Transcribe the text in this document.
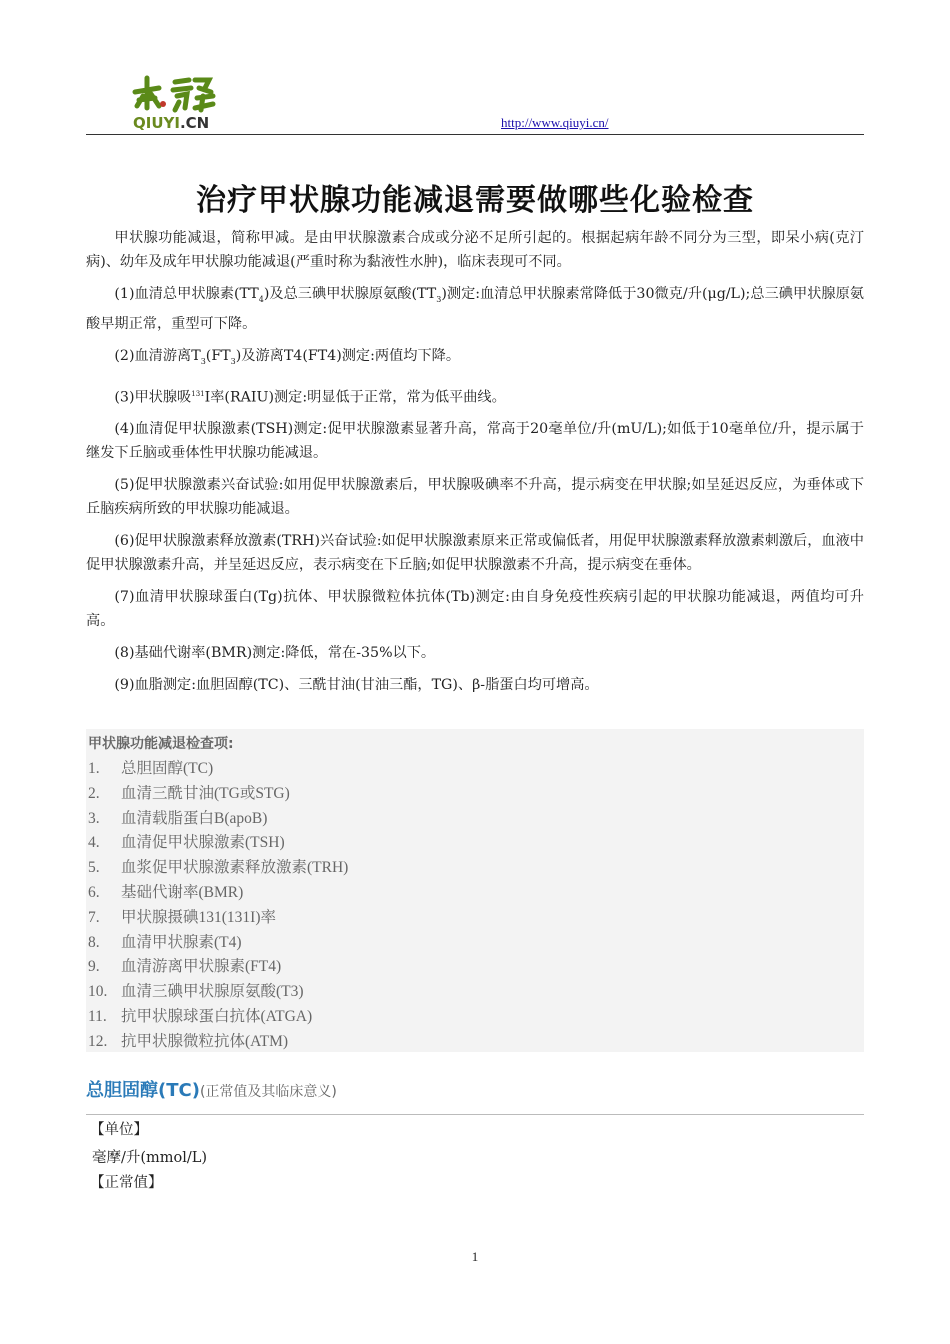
QIUYI.CN	http://www.qiuyi.cn/
治疗甲状腺功能减退需要做哪些化验检查

甲状腺功能减退，简称甲减。是由甲状腺激素合成或分泌不足所引起的。根据起病年龄不同分为三型，即呆小病(克汀病)、幼年及成年甲状腺功能减退(严重时称为黏液性水肿)，临床表现可不同。

(1)血清总甲状腺素$(TT_4)$及总三碘甲状腺原氨酸$(TT_3)$测定:血清总甲状腺素常降低于30微克/升(μg/L);总三碘甲状腺原氨酸早期正常，重型可下降。

(2)血清游离$T_3(FT_3)$及游离T4(FT4)测定:两值均下降。

(3)甲状腺吸$^{131}$I率(RAIU)测定:明显低于正常，常为低平曲线。

(4)血清促甲状腺激素(TSH)测定:促甲状腺激素显著升高，常高于20毫单位/升(mU/L);如低于10毫单位/升，提示属于继发下丘脑或垂体性甲状腺功能减退。

(5)促甲状腺激素兴奋试验:如用促甲状腺激素后，甲状腺吸碘率不升高，提示病变在甲状腺;如呈延迟反应，为垂体或下丘脑疾病所致的甲状腺功能减退。

(6)促甲状腺激素释放激素(TRH)兴奋试验:如促甲状腺激素原来正常或偏低者，用促甲状腺激素释放激素刺激后，血液中促甲状腺激素升高，并呈延迟反应，表示病变在下丘脑;如促甲状腺激素不升高，提示病变在垂体。

(7)血清甲状腺球蛋白(Tg)抗体、甲状腺微粒体抗体(Tb)测定:由自身免疫性疾病引起的甲状腺功能减退，两值均可升高。

(8)基础代谢率(BMR)测定:降低，常在-35%以下。

(9)血脂测定:血胆固醇(TC)、三酰甘油(甘油三酯，TG)、β-脂蛋白均可增高。

甲状腺功能减退检查项:
1. 总胆固醇(TC)
2. 血清三酰甘油(TG或STG)
3. 血清载脂蛋白B(apoB)
4. 血清促甲状腺激素(TSH)
5. 血浆促甲状腺激素释放激素(TRH)
6. 基础代谢率(BMR)
7. 甲状腺摄碘131(131I)率
8. 血清甲状腺素(T4)
9. 血清游离甲状腺素(FT4)
10. 血清三碘甲状腺原氨酸(T3)
11. 抗甲状腺球蛋白抗体(ATGA)
12. 抗甲状腺微粒抗体(ATM)
总胆固醇(TC)(正常值及其临床意义)
【单位】
毫摩/升(mmol/L)
【正常值】
1
